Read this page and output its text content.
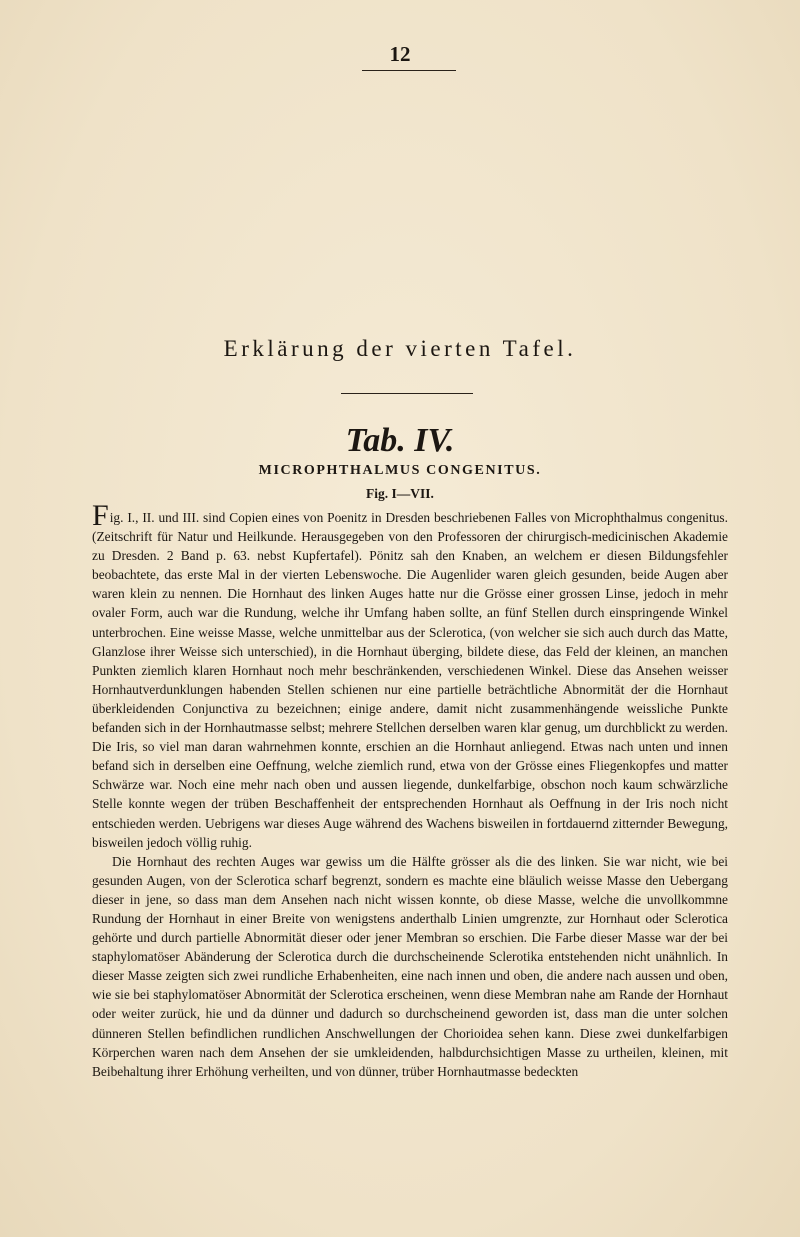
12
Erklärung der vierten Tafel.
Tab. IV.
MICROPHTHALMUS CONGENITUS.
Fig. I—VII.

Fig. I., II. und III. sind Copien eines von Poenitz in Dresden beschriebenen Falles von Microphthalmus congenitus. (Zeitschrift für Natur und Heilkunde. Herausgegeben von den Professoren der chirurgisch-medicinischen Akademie zu Dresden. 2 Band p. 63. nebst Kupfertafel). Pönitz sah den Knaben, an welchem er diesen Bildungsfehler beobachtete, das erste Mal in der vierten Lebenswoche. Die Augenlider waren gleich gesunden, beide Augen aber waren klein zu nennen. Die Hornhaut des linken Auges hatte nur die Grösse einer grossen Linse, jedoch in mehr ovaler Form, auch war die Rundung, welche ihr Umfang haben sollte, an fünf Stellen durch einspringende Winkel unterbrochen. Eine weisse Masse, welche unmittelbar aus der Sclerotica, (von welcher sie sich auch durch das Matte, Glanzlose ihrer Weisse sich unterschied), in die Hornhaut überging, bildete diese, das Feld der kleinen, an manchen Punkten ziemlich klaren Hornhaut noch mehr beschränkenden, verschiedenen Winkel. Diese das Ansehen weisser Hornhautverdunklungen habenden Stellen schienen nur eine partielle beträchtliche Abnormität der die Hornhaut überkleidenden Conjunctiva zu bezeichnen; einige andere, damit nicht zusammenhängende weissliche Punkte befanden sich in der Hornhautmasse selbst; mehrere Stellchen derselben waren klar genug, um durchblickt zu werden. Die Iris, so viel man daran wahrnehmen konnte, erschien an die Hornhaut anliegend. Etwas nach unten und innen befand sich in derselben eine Oeffnung, welche ziemlich rund, etwa von der Grösse eines Fliegenkopfes und matter Schwärze war. Noch eine mehr nach oben und aussen liegende, dunkelfarbige, obschon noch kaum schwärzliche Stelle konnte wegen der trüben Beschaffenheit der entsprechenden Hornhaut als Oeffnung in der Iris noch nicht entschieden werden. Uebrigens war dieses Auge während des Wachens bisweilen in fortdauernd zitternder Bewegung, bisweilen jedoch völlig ruhig.

Die Hornhaut des rechten Auges war gewiss um die Hälfte grösser als die des linken. Sie war nicht, wie bei gesunden Augen, von der Sclerotica scharf begrenzt, sondern es machte eine bläulich weisse Masse den Uebergang dieser in jene, so dass man dem Ansehen nach nicht wissen konnte, ob diese Masse, welche die unvollkommne Rundung der Hornhaut in einer Breite von wenigstens anderthalb Linien umgrenzte, zur Hornhaut oder Sclerotica gehörte und durch partielle Abnormität dieser oder jener Membran so erschien. Die Farbe dieser Masse war der bei staphylomatöser Abänderung der Sclerotica durch die durchscheinende Sclerotika entstehenden nicht unähnlich. In dieser Masse zeigten sich zwei rundliche Erhabenheiten, eine nach innen und oben, die andere nach aussen und oben, wie sie bei staphylomatöser Abnormität der Sclerotica erscheinen, wenn diese Membran nahe am Rande der Hornhaut oder weiter zurück, hie und da dünner und dadurch so durchscheinend geworden ist, dass man die unter solchen dünneren Stellen befindlichen rundlichen Anschwellungen der Chorioidea sehen kann. Diese zwei dunkelfarbigen Körperchen waren nach dem Ansehen der sie umkleidenden, halbdurchsichtigen Masse zu urtheilen, kleinen, mit Beibehaltung ihrer Erhöhung verheilten, und von dünner, trüber Hornhautmasse bedeckten
